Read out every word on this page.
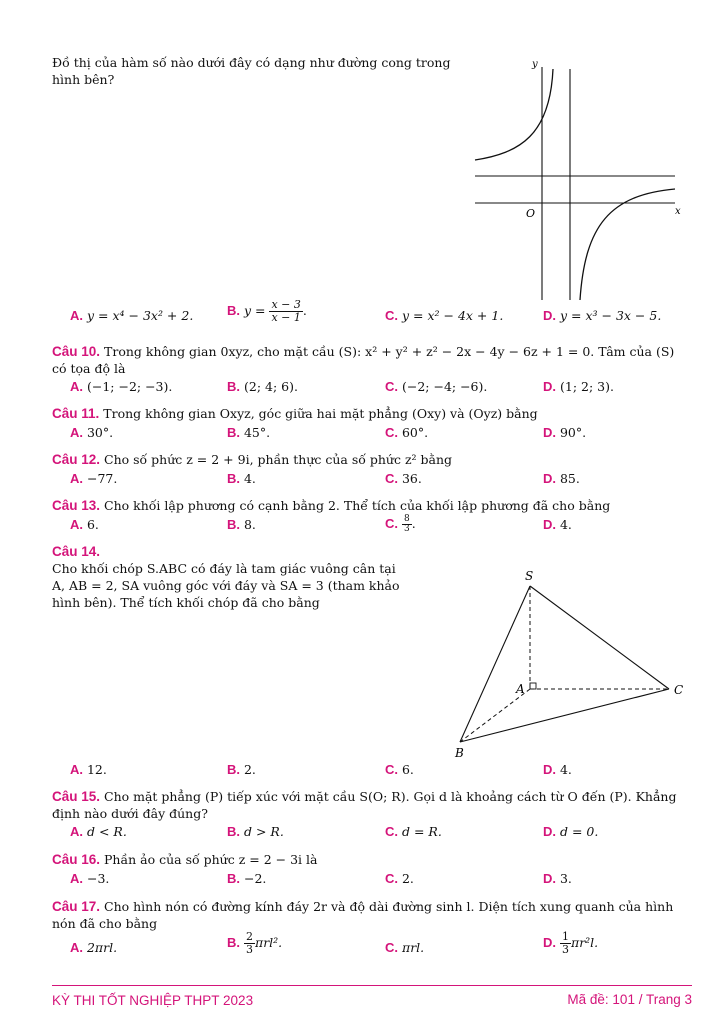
Đồ thị của hàm số nào dưới đây có dạng như đường cong trong
hình bên?
y
x
O
A. y = x⁴ − 3x² + 2.	B. $y = \frac{x - 3}{x - 1}$ .	C. y = x² − 4x + 1.	D. y = x³ − 3x − 5.
Câu 10. Trong không gian 0xyz, cho mặt cầu (S): x² + y² + z² − 2x − 4y − 6z + 1 = 0. Tâm của (S)
có tọa độ là
A. (−1; −2; −3).	B. (2; 4; 6).	C. (−2; −4; −6).	D. (1; 2; 3).
Câu 11. Trong không gian Oxyz, góc giữa hai mặt phẳng (Oxy) và (Oyz) bằng
A. 30°.	B. 45°.	C. 60°.	D. 90°.
Câu 12. Cho số phức z = 2 + 9i, phần thực của số phức z² bằng
A. −77.	B. 4.	C. 36.	D. 85.
Câu 13. Cho khối lập phương có cạnh bằng 2. Thể tích của khối lập phương đã cho bằng
A. 6.	B. 8.	C. $\frac{8}{3}$ .	D. 4.
Câu 14.
Cho khối chóp S.ABC có đáy là tam giác vuông cân tại
A, AB = 2, SA vuông góc với đáy và SA = 3 (tham khảo
hình bên). Thể tích khối chóp đã cho bằng
S
A
B
C
A. 12.	B. 2.	C. 6.	D. 4.
Câu 15. Cho mặt phẳng (P) tiếp xúc với mặt cầu S(O; R). Gọi d là khoảng cách từ O đến (P). Khẳng
định nào dưới đây đúng?
A. d < R.	B. d > R.	C. d = R.	D. d = 0.
Câu 16. Phần ảo của số phức z = 2 − 3i là
A. −3.	B. −2.	C. 2.	D. 3.
Câu 17. Cho hình nón có đường kính đáy 2r và độ dài đường sinh l. Diện tích xung quanh của hình
nón đã cho bằng
A. 2πrl.	B. $\frac{2}{3} \pi rl^2$.	C. πrl.	D. $\frac{1}{3} \pi r^2l$.
KỲ THI TỐT NGHIỆP THPT 2023	Mã đề: 101 / Trang 3
